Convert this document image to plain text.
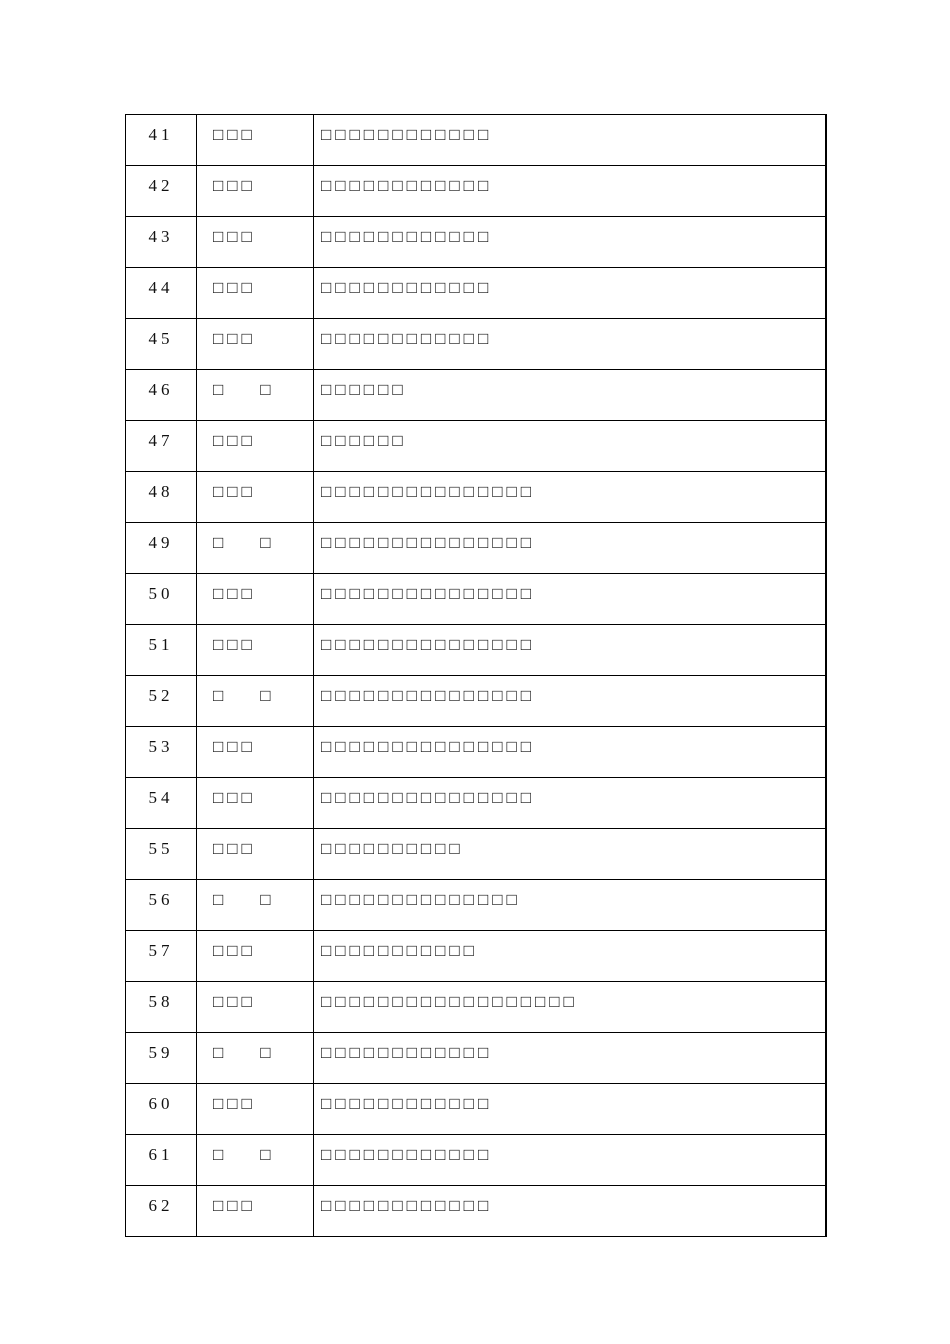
41	□□□	□□□□□□□□□□□□
42	□□□	□□□□□□□□□□□□
43	□□□	□□□□□□□□□□□□
44	□□□	□□□□□□□□□□□□
45	□□□	□□□□□□□□□□□□
46	□    □	□□□□□□
47	□□□	□□□□□□
48	□□□	□□□□□□□□□□□□□□□
49	□    □	□□□□□□□□□□□□□□□
50	□□□	□□□□□□□□□□□□□□□
51	□□□	□□□□□□□□□□□□□□□
52	□    □	□□□□□□□□□□□□□□□
53	□□□	□□□□□□□□□□□□□□□
54	□□□	□□□□□□□□□□□□□□□
55	□□□	□□□□□□□□□□
56	□    □	□□□□□□□□□□□□□□
57	□□□	□□□□□□□□□□□
58	□□□	□□□□□□□□□□□□□□□□□□
59	□    □	□□□□□□□□□□□□
60	□□□	□□□□□□□□□□□□
61	□    □	□□□□□□□□□□□□
62	□□□	□□□□□□□□□□□□
